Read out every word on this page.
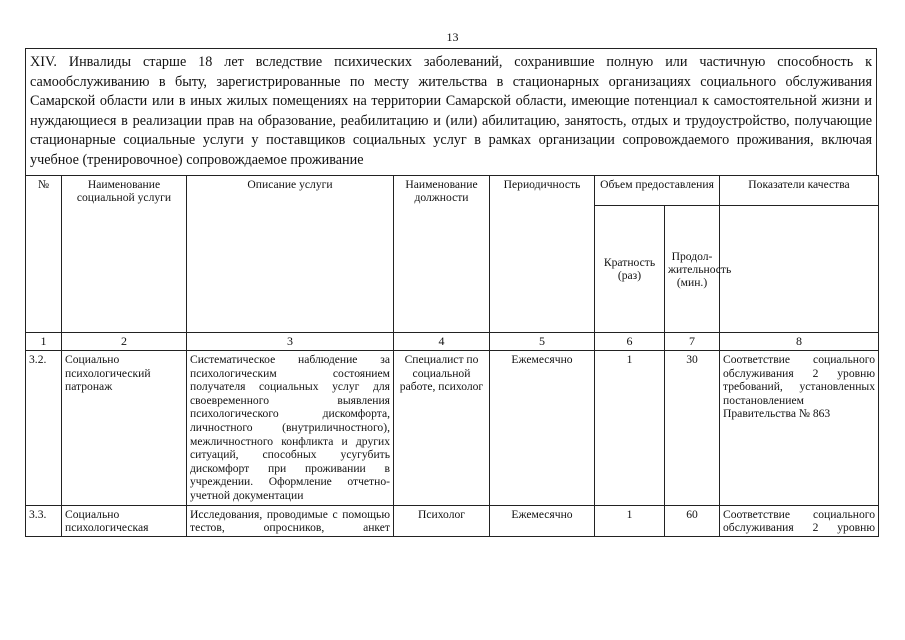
13
XIV. Инвалиды старше 18 лет вследствие психических заболеваний, сохранившие полную или частичную способность к самообслуживанию в быту, зарегистрированные по месту жительства в стационарных организациях социального обслуживания Самарской области или в иных жилых помещениях на территории Самарской области, имеющие потенциал к самостоятельной жизни и нуждающиеся в реализации прав на образование, реабилитацию и (или) абилитацию, занятость, отдых и трудоустройство, получающие стационарные социальные услуги у поставщиков социальных услуг в рамках организации сопровождаемого проживания, включая учебное (тренировочное) сопровождаемое проживание
№	Наименование социальной услуги	Описание услуги	Наименование должности	Периодичность	Объем предоставления		Показатели качества
					Кратность (раз)	Продол-жительность (мин.)	
1	2	3	4	5	6	7	8
3.2.	Социально психологический патронаж	Систематическое наблюдение за психологическим состоянием получателя социальных услуг для своевременного выявления психологического дискомфорта, личностного (внутриличностного), межличностного конфликта и других ситуаций, способных усугубить дискомфорт при проживании в учреждении. Оформление отчетно-учетной документации	Специалист по социальной работе, психолог	Ежемесячно	1	30	Соответствие социального обслуживания 2 уровню требований, установленных постановлением Правительства № 863
3.3.	Социально психологическая	Исследования, проводимые с помощью тестов, опросников, анкет	Психолог	Ежемесячно	1	60	Соответствие социального обслуживания 2 уровню
